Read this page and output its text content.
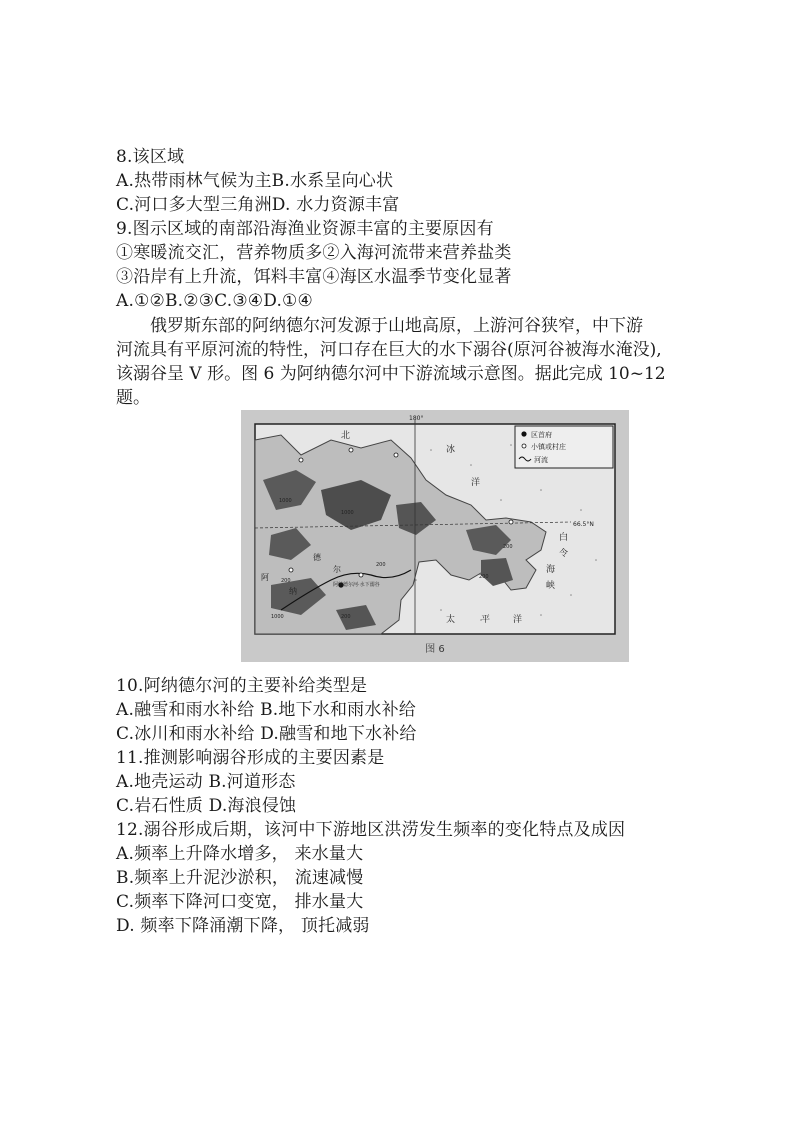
8.该区域
A.热带雨林气候为主B.水系呈向心状
C.河口多大型三角洲D. 水力资源丰富
9.图示区域的南部沿海渔业资源丰富的主要原因有
①寒暖流交汇，营养物质多②入海河流带来营养盐类
③沿岸有上升流，饵料丰富④海区水温季节变化显著
A.①②B.②③C.③④D.①④
俄罗斯东部的阿纳德尔河发源于山地高原，上游河谷狭窄，中下游
河流具有平原河流的特性，河口存在巨大的水下溺谷(原河谷被海水淹没),
该溺谷呈 V 形。图 6 为阿纳德尔河中下游流域示意图。据此完成 10~12
题。
180°
66.5°N
区首府
小镇或村庄
河流
北
冰
洋
白
令
海
峡
太	平	洋
阿
纳
德
尔
阿纳德尔河·水下溺谷
1000
1000
200
200
200
200
1000	200
图 6
10.阿纳德尔河的主要补给类型是
A.融雪和雨水补给 B.地下水和雨水补给
C.冰川和雨水补给 D.融雪和地下水补给
11.推测影响溺谷形成的主要因素是
A.地壳运动 B.河道形态
C.岩石性质 D.海浪侵蚀
12.溺谷形成后期，该河中下游地区洪涝发生频率的变化特点及成因
A.频率上升降水增多， 来水量大
B.频率上升泥沙淤积， 流速减慢
C.频率下降河口变宽， 排水量大
D. 频率下降涌潮下降， 顶托减弱
